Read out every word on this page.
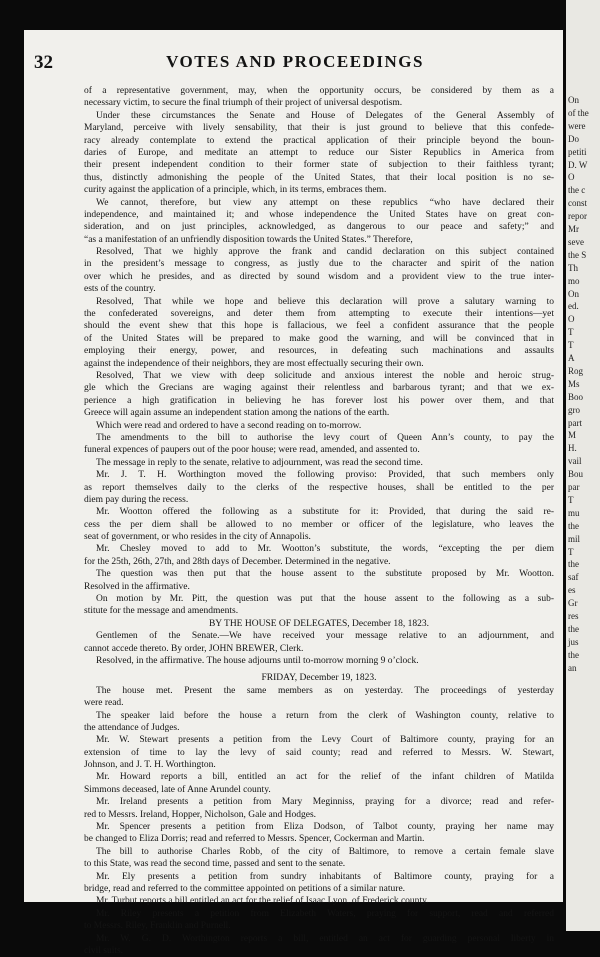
32	VOTES AND PROCEEDINGS
of a representative government, may, when the opportunity occurs, be considered by them as a
necessary victim, to secure the final triumph of their project of universal despotism.
Under these circumstances the Senate and House of Delegates of the General Assembly of
Maryland, perceive with lively sensability, that their is just ground to believe that this confede-
racy already contemplate to extend the practical application of their principle beyond the boun-
daries of Europe, and meditate an attempt to reduce our Sister Republics in America from
their present independent condition to their former state of subjection to their faithless tyrant;
thus, distinctly admonishing the people of the United States, that their local position is no se-
curity against the application of a principle, which, in its terms, embraces them.
We cannot, therefore, but view any attempt on these republics “who have declared their
independence, and maintained it; and whose independence the United States have on great con-
sideration, and on just principles, acknowledged, as dangerous to our peace and safety;” and
“as a manifestation of an unfriendly disposition towards the United States.” Therefore,
Resolved, That we highly approve the frank and candid declaration on this subject contained
in the president’s message to congress, as justly due to the character and spirit of the nation
over which he presides, and as directed by sound wisdom and a provident view to the true inter-
ests of the country.
Resolved, That while we hope and believe this declaration will prove a salutary warning to
the confederated sovereigns, and deter them from attempting to execute their intentions—yet
should the event shew that this hope is fallacious, we feel a confident assurance that the people
of the United States will be prepared to make good the warning, and will be convinced that in
employing their energy, power, and resources, in defeating such machinations and assaults
against the independence of their neighbors, they are most effectually securing their own.
Resolved, That we view with deep solicitude and anxious interest the noble and heroic strug-
gle which the Grecians are waging against their relentless and barbarous tyrant; and that we ex-
perience a high gratification in believing he has forever lost his power over them, and that
Greece will again assume an independent station among the nations of the earth.
Which were read and ordered to have a second reading on to-morrow.
The amendments to the bill to authorise the levy court of Queen Ann’s county, to pay the
funeral expences of paupers out of the poor house; were read, amended, and assented to.
The message in reply to the senate, relative to adjournment, was read the second time.
Mr. J. T. H. Worthington moved the following proviso: Provided, that such members only
as report themselves daily to the clerks of the respective houses, shall be entitled to the per
diem pay during the recess.
Mr. Wootton offered the following as a substitute for it: Provided, that during the said re-
cess the per diem shall be allowed to no member or officer of the legislature, who leaves the
seat of government, or who resides in the city of Annapolis.
Mr. Chesley moved to add to Mr. Wootton’s substitute, the words, “excepting the per diem
for the 25th, 26th, 27th, and 28th days of December. Determined in the negative.
The question was then put that the house assent to the substitute proposed by Mr. Wootton.
Resolved in the affirmative.
On motion by Mr. Pitt, the question was put that the house assent to the following as a sub-
stitute for the message and amendments.
BY THE HOUSE OF DELEGATES, December 18, 1823.
Gentlemen of the Senate.—We have received your message relative to an adjournment, and
cannot accede thereto. By order, JOHN BREWER, Clerk.
Resolved, in the affirmative. The house adjourns until to-morrow morning 9 o’clock.
FRIDAY, December 19, 1823.
The house met. Present the same members as on yesterday. The proceedings of yesterday
were read.
The speaker laid before the house a return from the clerk of Washington county, relative to
the attendance of Judges.
Mr. W. Stewart presents a petition from the Levy Court of Baltimore county, praying for an
extension of time to lay the levy of said county; read and referred to Messrs. W. Stewart,
Johnson, and J. T. H. Worthington.
Mr. Howard reports a bill, entitled an act for the relief of the infant children of Matilda
Simmons deceased, late of Anne Arundel county.
Mr. Ireland presents a petition from Mary Meginniss, praying for a divorce; read and refer-
red to Messrs. Ireland, Hopper, Nicholson, Gale and Hodges.
Mr. Spencer presents a petition from Eliza Dodson, of Talbot county, praying her name may
be changed to Eliza Dorris; read and referred to Messrs. Spencer, Cockerman and Martin.
The bill to authorise Charles Robb, of the city of Baltimore, to remove a certain female slave
to this State, was read the second time, passed and sent to the senate.
Mr. Ely presents a petition from sundry inhabitants of Baltimore county, praying for a
bridge, read and referred to the committee appointed on petitions of a similar nature.
Mr. Turbut reports a bill entitled an act for the relief of Isaac Lyon, of Frederick county.
Mr. Riley presents a petition from Elizabeth Waters, praying for support, read and referred
to Messrs. Riley, Franklin and Purnell.
Mr. W. G. D. Worthington reports a bill, entitled an act for guarding personal liberty in
civil suits.
On
of the
were
Do
petiti
D. W
O
the c
const
repor
Mr
seve
the S
Th
mo
On
ed.
O
T
T
A
Rog
Ms
Boo
gro
part
M
H.
vail
Bou
par
T
mu
the
mil
T
the
saf
es
Gr
res
the
jus
the
an
